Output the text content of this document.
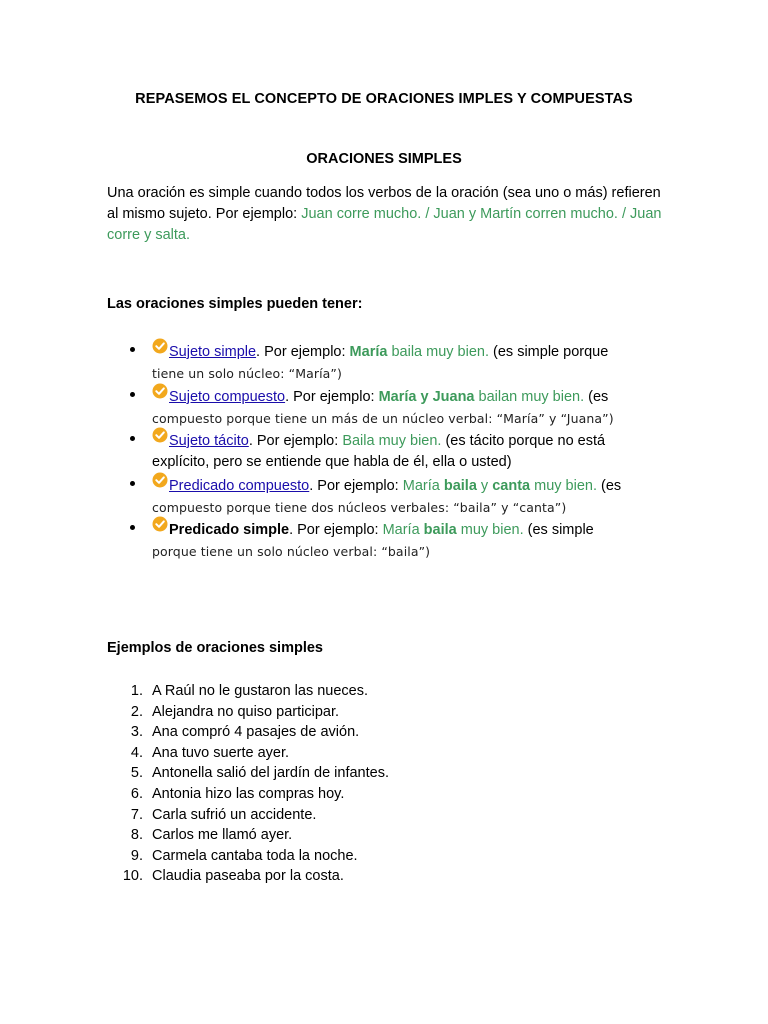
REPASEMOS EL CONCEPTO DE ORACIONES IMPLES Y COMPUESTAS
ORACIONES SIMPLES
Una oración es simple cuando todos los verbos de la oración (sea uno o más) refieren al mismo sujeto. Por ejemplo: Juan corre mucho. / Juan y Martín corren mucho. / Juan corre y salta.
Las oraciones simples pueden tener:
Sujeto simple. Por ejemplo: María baila muy bien. (es simple porque
tiene un solo núcleo: “María”)
Sujeto compuesto. Por ejemplo: María y Juana bailan muy bien. (es
compuesto porque tiene un más de un núcleo verbal: “María” y “Juana”)
Sujeto tácito. Por ejemplo: Baila muy bien. (es tácito porque no está
explícito, pero se entiende que habla de él, ella o usted)
Predicado compuesto. Por ejemplo: María baila y canta muy bien. (es
compuesto porque tiene dos núcleos verbales: “baila” y “canta”)
Predicado simple. Por ejemplo: María baila muy bien. (es simple
porque tiene un solo núcleo verbal: “baila”)
Ejemplos de oraciones simples
1. A Raúl no le gustaron las nueces.
2. Alejandra no quiso participar.
3. Ana compró 4 pasajes de avión.
4. Ana tuvo suerte ayer.
5. Antonella salió del jardín de infantes.
6. Antonia hizo las compras hoy.
7. Carla sufrió un accidente.
8. Carlos me llamó ayer.
9. Carmela cantaba toda la noche.
10. Claudia paseaba por la costa.
